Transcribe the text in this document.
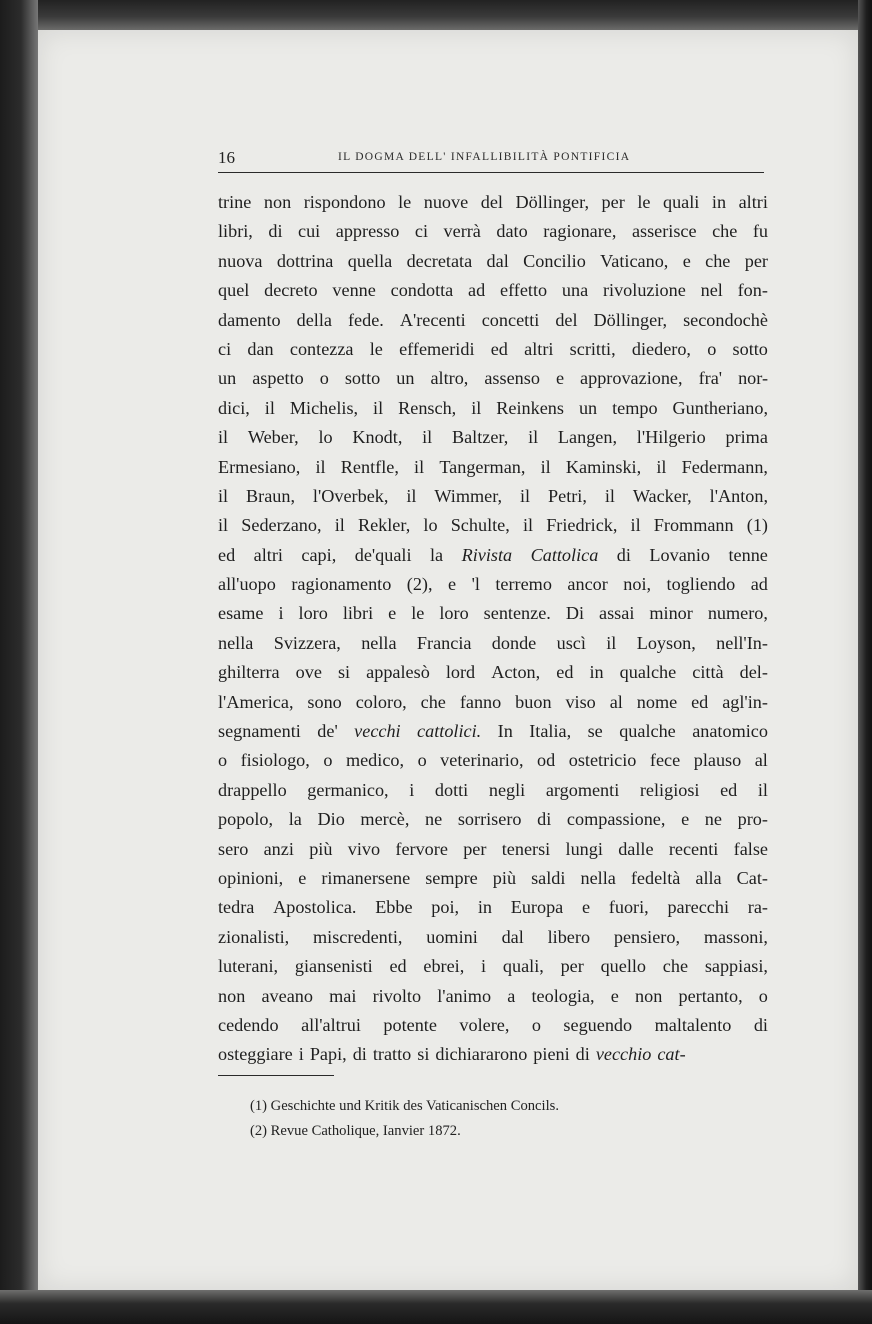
16	IL DOGMA DELL' INFALLIBILITÀ PONTIFICIA
trine non rispondono le nuove del Döllinger, per le quali in altri
libri, di cui appresso ci verrà dato ragionare, asserisce che fu
nuova dottrina quella decretata dal Concilio Vaticano, e che per
quel decreto venne condotta ad effetto una rivoluzione nel fon-
damento della fede. A'recenti concetti del Döllinger, secondochè
ci dan contezza le effemeridi ed altri scritti, diedero, o sotto
un aspetto o sotto un altro, assenso e approvazione, fra' nor-
dici, il Michelis, il Rensch, il Reinkens un tempo Guntheriano,
il Weber, lo Knodt, il Baltzer, il Langen, l'Hilgerio prima
Ermesiano, il Rentfle, il Tangerman, il Kaminski, il Federmann,
il Braun, l'Overbek, il Wimmer, il Petri, il Wacker, l'Anton,
il Sederzano, il Rekler, lo Schulte, il Friedrick, il Frommann (1)
ed altri capi, de'quali la Rivista Cattolica di Lovanio tenne
all'uopo ragionamento (2), e 'l terremo ancor noi, togliendo ad
esame i loro libri e le loro sentenze. Di assai minor numero,
nella Svizzera, nella Francia donde uscì il Loyson, nell'In-
ghilterra ove si appalesò lord Acton, ed in qualche città del-
l'America, sono coloro, che fanno buon viso al nome ed agl'in-
segnamenti de' vecchi cattolici. In Italia, se qualche anatomico
o fisiologo, o medico, o veterinario, od ostetricio fece plauso al
drappello germanico, i dotti negli argomenti religiosi ed il
popolo, la Dio mercè, ne sorrisero di compassione, e ne pro-
sero anzi più vivo fervore per tenersi lungi dalle recenti false
opinioni, e rimanersene sempre più saldi nella fedeltà alla Cat-
tedra Apostolica. Ebbe poi, in Europa e fuori, parecchi ra-
zionalisti, miscredenti, uomini dal libero pensiero, massoni,
luterani, giansenisti ed ebrei, i quali, per quello che sappiasi,
non aveano mai rivolto l'animo a teologia, e non pertanto, o
cedendo all'altrui potente volere, o seguendo maltalento di
osteggiare i Papi, di tratto si dichiararono pieni di vecchio cat-
(1) Geschichte und Kritik des Vaticanischen Concils.
(2) Revue Catholique, Ianvier 1872.
